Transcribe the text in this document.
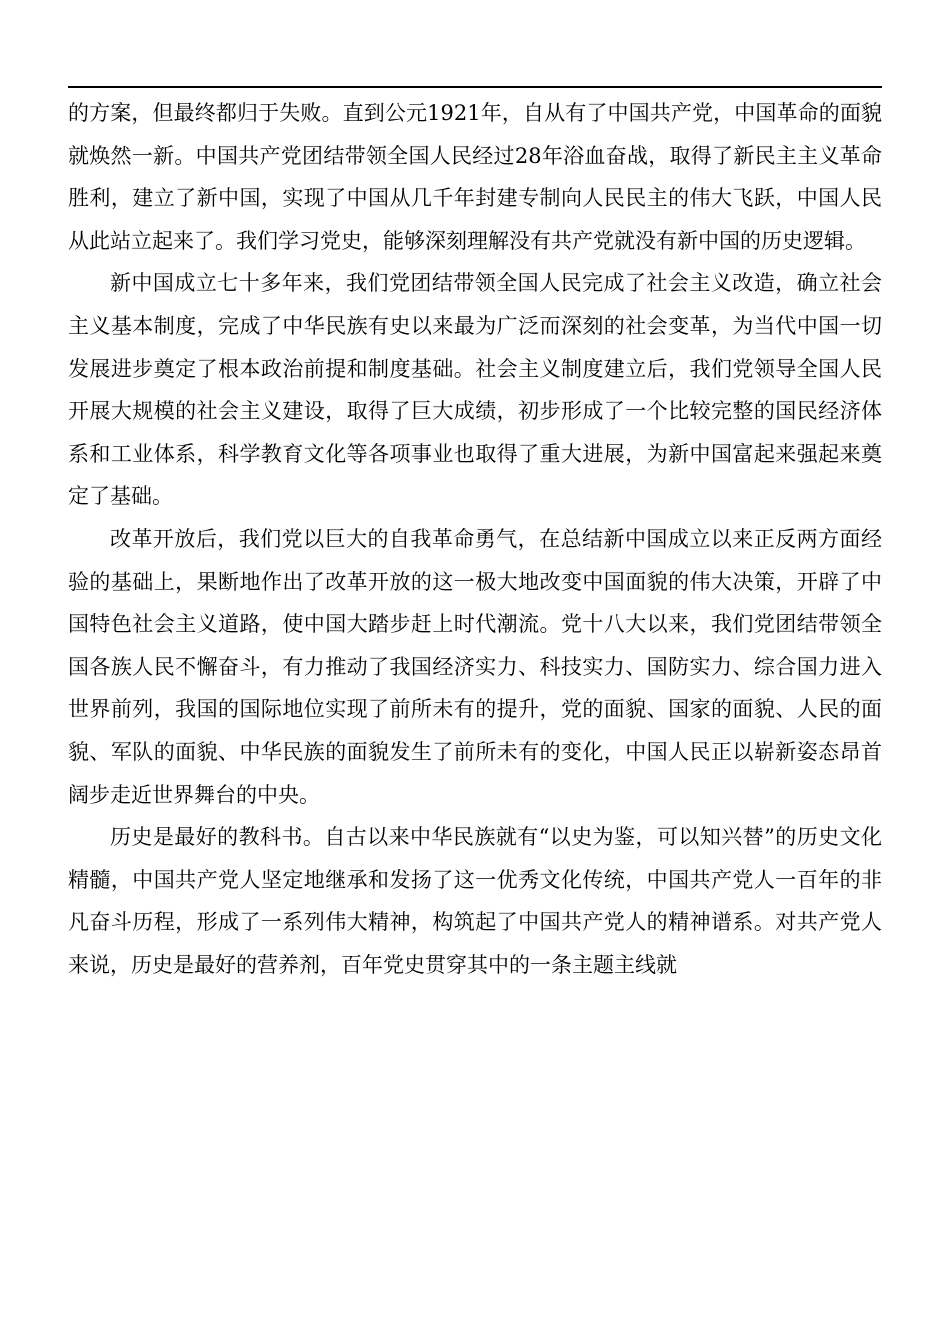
的方案，但最终都归于失败。直到公元1921年，自从有了中国共产党，中国革命的面貌就焕然一新。中国共产党团结带领全国人民经过28年浴血奋战，取得了新民主主义革命胜利，建立了新中国，实现了中国从几千年封建专制向人民民主的伟大飞跃，中国人民从此站立起来了。我们学习党史，能够深刻理解没有共产党就没有新中国的历史逻辑。

新中国成立七十多年来，我们党团结带领全国人民完成了社会主义改造，确立社会主义基本制度，完成了中华民族有史以来最为广泛而深刻的社会变革，为当代中国一切发展进步奠定了根本政治前提和制度基础。社会主义制度建立后，我们党领导全国人民开展大规模的社会主义建设，取得了巨大成绩，初步形成了一个比较完整的国民经济体系和工业体系，科学教育文化等各项事业也取得了重大进展，为新中国富起来强起来奠定了基础。

改革开放后，我们党以巨大的自我革命勇气，在总结新中国成立以来正反两方面经验的基础上，果断地作出了改革开放的这一极大地改变中国面貌的伟大决策，开辟了中国特色社会主义道路，使中国大踏步赶上时代潮流。党十八大以来，我们党团结带领全国各族人民不懈奋斗，有力推动了我国经济实力、科技实力、国防实力、综合国力进入世界前列，我国的国际地位实现了前所未有的提升，党的面貌、国家的面貌、人民的面貌、军队的面貌、中华民族的面貌发生了前所未有的变化，中国人民正以崭新姿态昂首阔步走近世界舞台的中央。

历史是最好的教科书。自古以来中华民族就有“以史为鉴，可以知兴替”的历史文化精髓，中国共产党人坚定地继承和发扬了这一优秀文化传统，中国共产党人一百年的非凡奋斗历程，形成了一系列伟大精神，构筑起了中国共产党人的精神谱系。对共产党人来说，历史是最好的营养剂，百年党史贯穿其中的一条主题主线就
